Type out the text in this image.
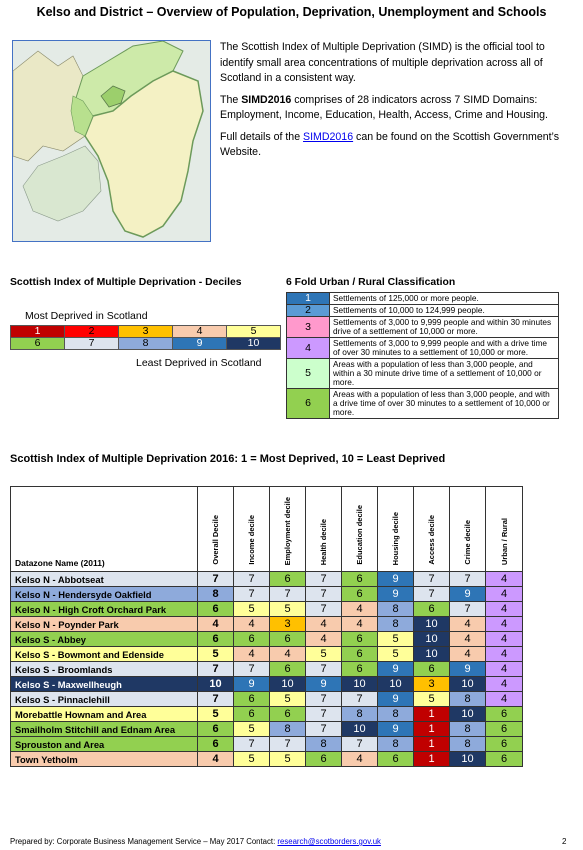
Kelso and District – Overview of Population, Deprivation, Unemployment and Schools

The Scottish Index of Multiple Deprivation (SIMD) is the official tool to identify small area concentrations of multiple deprivation across all of Scotland in a consistent way.

The SIMD2016 comprises of 28 indicators across 7 SIMD Domains: Employment, Income, Education, Health, Access, Crime and Housing.

Full details of the SIMD2016 can be found on the Scottish Government’s Website.

Scottish Index of Multiple Deprivation - Deciles
Most Deprived in Scotland
1	2	3	4	5
6	7	8	9	10
Least Deprived in Scotland
6 Fold Urban / Rural Classification
1	Settlements of 125,000 or more people.
2	Settlements of 10,000 to 124,999 people.
3	Settlements of 3,000 to 9,999 people and within 30 minutes drive of a settlement of 10,000 or more.
4	Settlements of 3,000 to 9,999 people and with a drive time of over 30 minutes to a settlement of 10,000 or more.
5	Areas with a population of less than 3,000 people, and within a 30 minute drive time of a settlement of 10,000 or more.
6	Areas with a population of less than 3,000 people, and with a drive time of over 30 minutes to a settlement of 10,000 or more.
Scottish Index of Multiple Deprivation 2016: 1 = Most Deprived, 10 = Least Deprived
Datazone Name (2011)	Overall Decile	Income decile	Employment decile	Health decile	Education decile	Housing decile	Access decile	Crime decile	Urban / Rural
Kelso N - Abbotseat	7	7	6	7	6	9	7	7	4
Kelso N - Hendersyde Oakfield	8	7	7	7	6	9	7	9	4
Kelso N - High Croft Orchard Park	6	5	5	7	4	8	6	7	4
Kelso N - Poynder Park	4	4	3	4	4	8	10	4	4
Kelso S - Abbey	6	6	6	4	6	5	10	4	4
Kelso S - Bowmont and Edenside	5	4	4	5	6	5	10	4	4
Kelso S - Broomlands	7	7	6	7	6	9	6	9	4
Kelso S - Maxwellheugh	10	9	10	9	10	10	3	10	4
Kelso S - Pinnaclehill	7	6	5	7	7	9	5	8	4
Morebattle Hownam and Area	5	6	6	7	8	8	1	10	6
Smailholm Stitchill and Ednam Area	6	5	8	7	10	9	1	8	6
Sprouston and Area	6	7	7	8	7	8	1	8	6
Town Yetholm	4	5	5	6	4	6	1	10	6
Prepared by: Corporate Business Management Service – May 2017 Contact: research@scotborders.gov.uk	2
